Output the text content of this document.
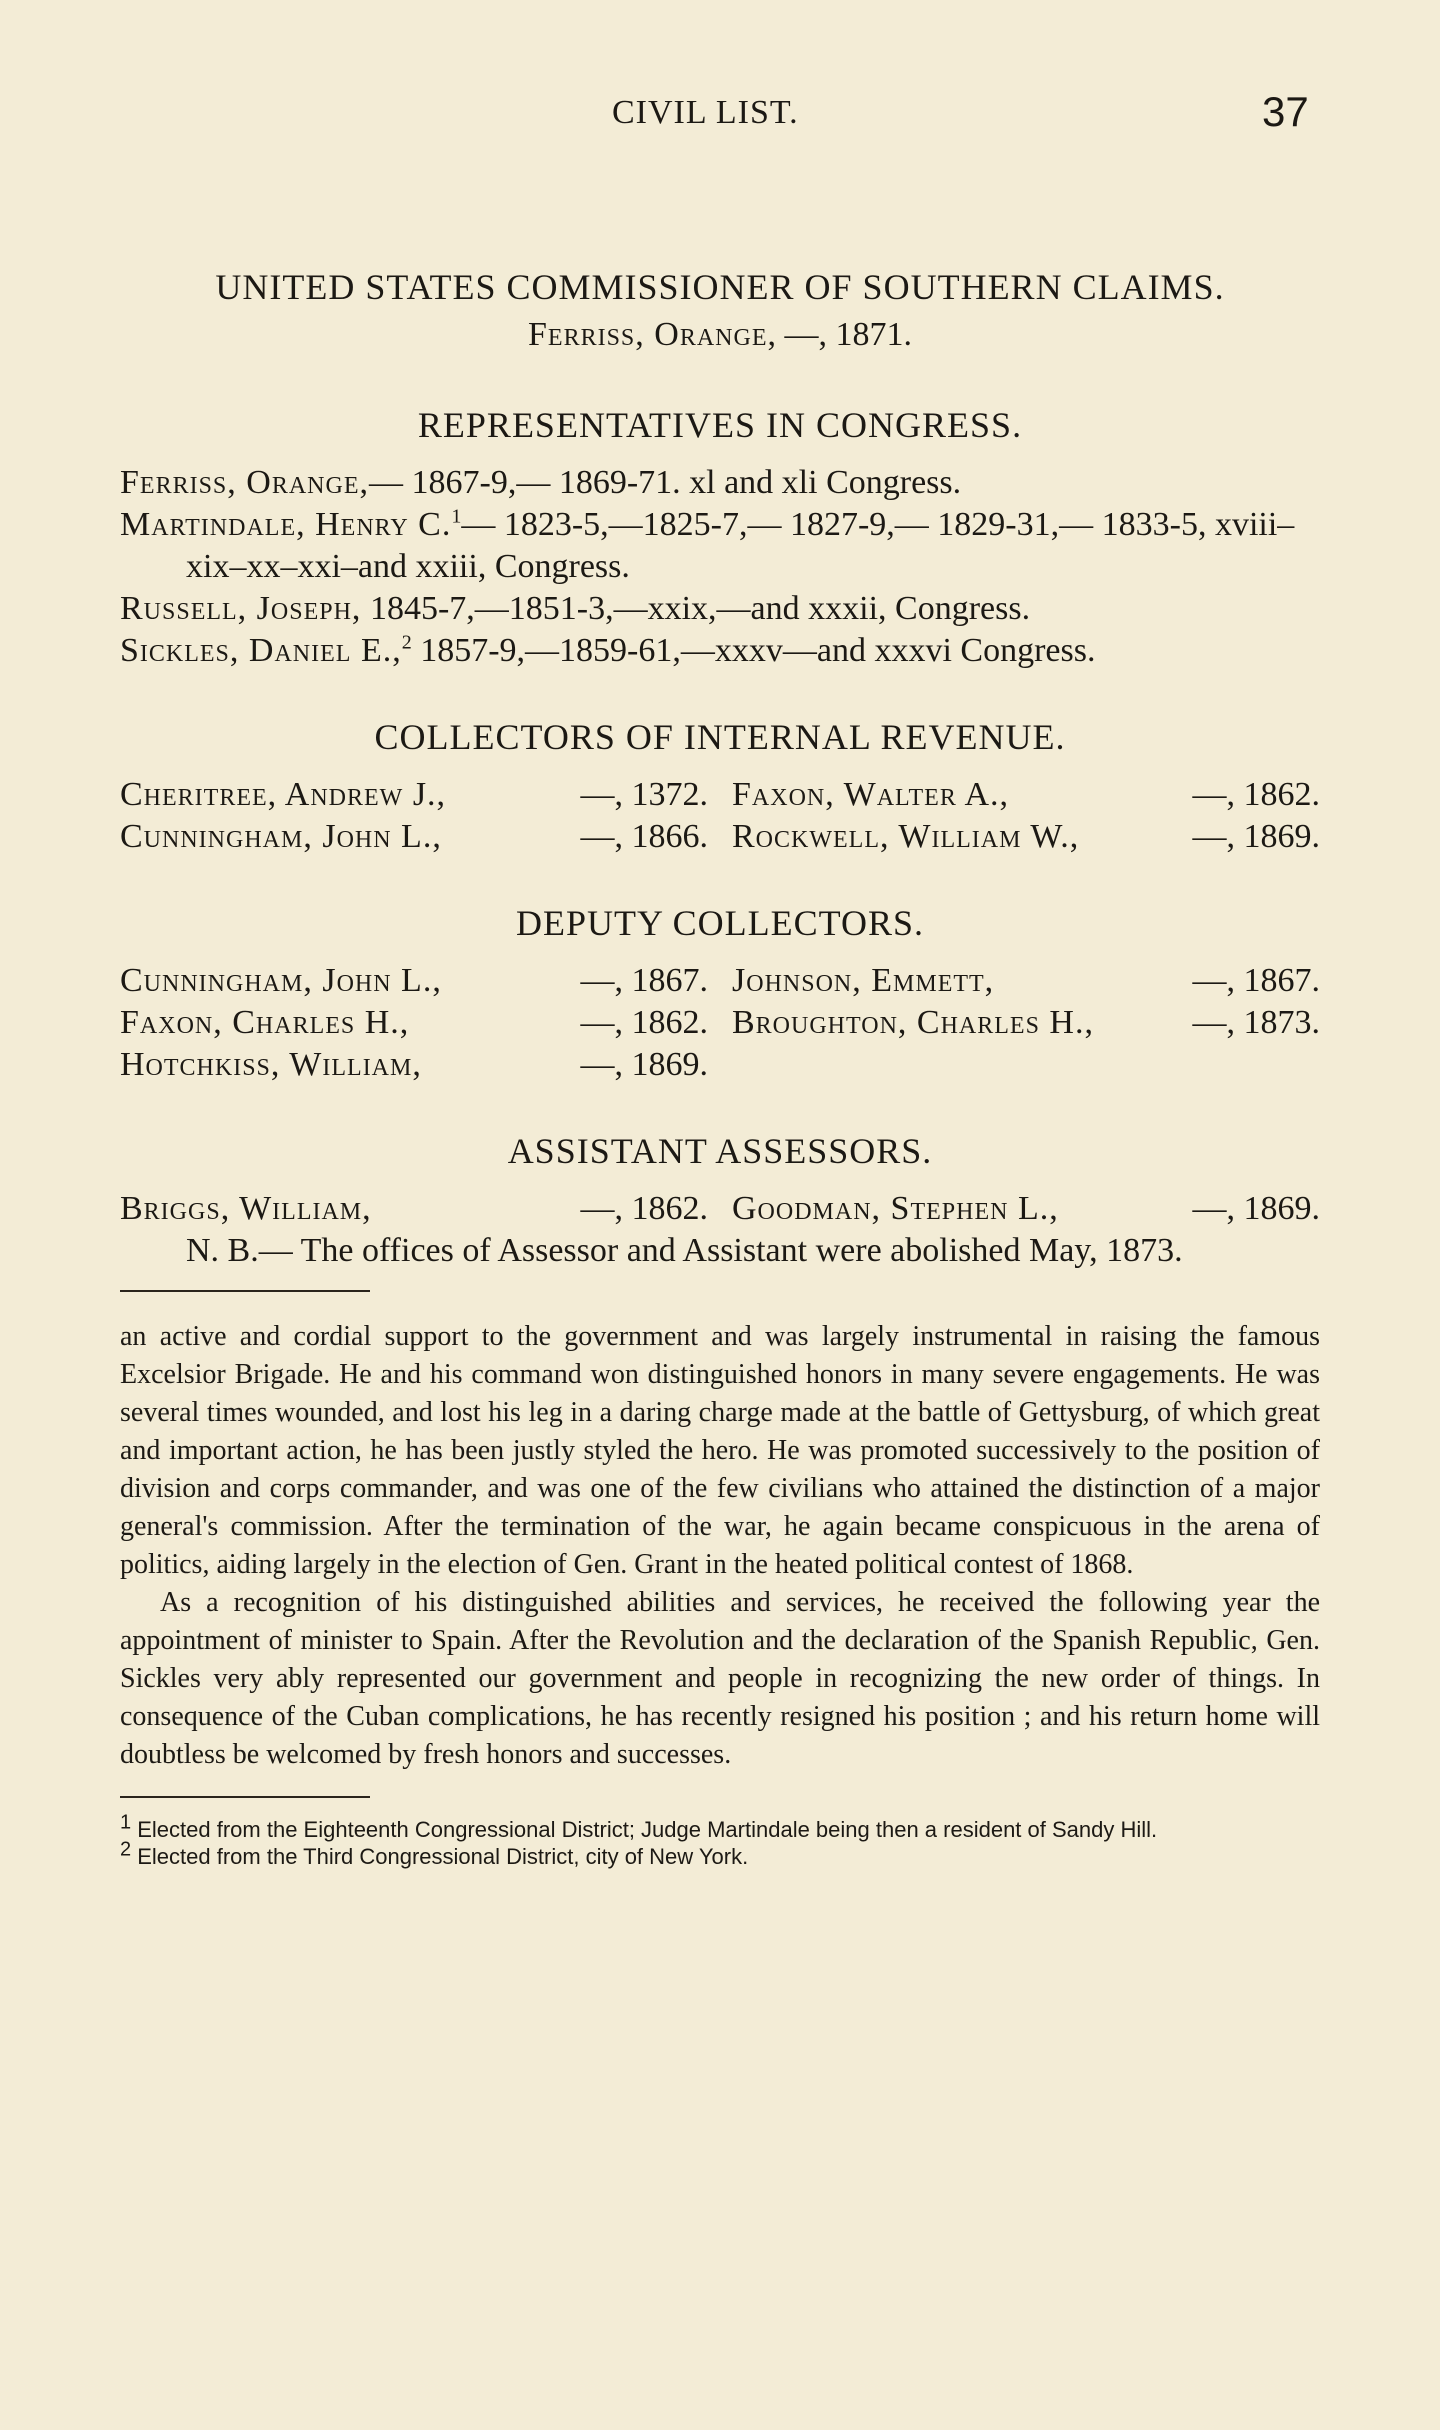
CIVIL LIST.	37
UNITED STATES COMMISSIONER OF SOUTHERN CLAIMS.
Ferriss, Orange, —, 1871.
REPRESENTATIVES IN CONGRESS.
Ferriss, Orange,— 1867-9,— 1869-71. xl and xli Congress.
Martindale, Henry C.$^1$— 1823-5,—1825-7,— 1827-9,— 1829-31,— 1833-5, xviii–xix–xx–xxi–and xxiii, Congress.
Russell, Joseph, 1845-7,—1851-3,—xxix,—and xxxii, Congress.
Sickles, Daniel E.,$^2$ 1857-9,—1859-61,—xxxv—and xxxvi Congress.
COLLECTORS OF INTERNAL REVENUE.
Cheritree, Andrew J.,	—, 1372. Faxon, Walter A.,	—, 1862.
Cunningham, John L.,	—, 1866. Rockwell, William W.,	—, 1869.
DEPUTY COLLECTORS.
Cunningham, John L.,	—, 1867. Johnson, Emmett,	—, 1867.
Faxon, Charles H.,	—, 1862. Broughton, Charles H.,	—, 1873.
Hotchkiss, William,	—, 1869.
ASSISTANT ASSESSORS.
Briggs, William,	—, 1862. Goodman, Stephen L.,	—, 1869.
N. B.— The offices of Assessor and Assistant were abolished May, 1873.

an active and cordial support to the government and was largely instrumental in raising the famous Excelsior Brigade. He and his command won distinguished honors in many severe engagements. He was several times wounded, and lost his leg in a daring charge made at the battle of Gettysburg, of which great and important action, he has been justly styled the hero. He was promoted successively to the position of division and corps commander, and was one of the few civilians who attained the distinction of a major general's commission. After the termination of the war, he again became conspicuous in the arena of politics, aiding largely in the election of Gen. Grant in the heated political contest of 1868.

As a recognition of his distinguished abilities and services, he received the following year the appointment of minister to Spain. After the Revolution and the declaration of the Spanish Republic, Gen. Sickles very ably represented our government and people in recognizing the new order of things. In consequence of the Cuban complications, he has recently resigned his position ; and his return home will doubtless be welcomed by fresh honors and successes.

$^1$ Elected from the Eighteenth Congressional District; Judge Martindale being then a resident of Sandy Hill.
$^2$ Elected from the Third Congressional District, city of New York.
